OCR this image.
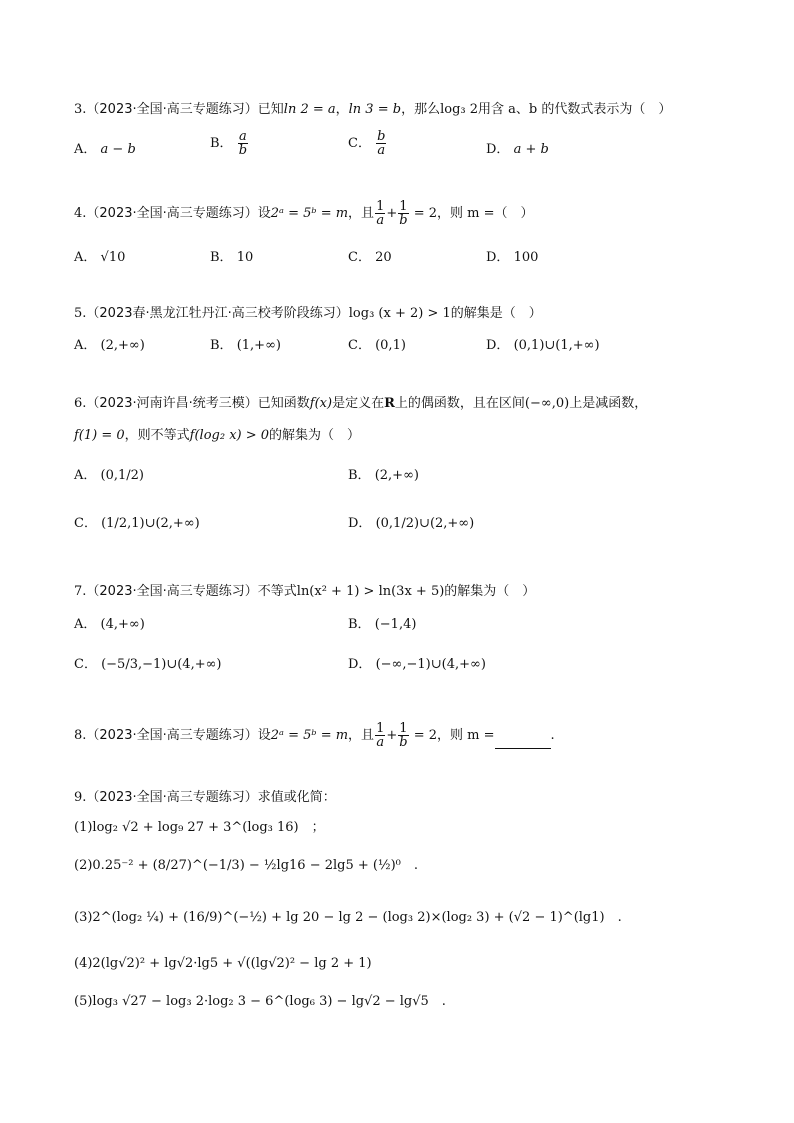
3.（2023·全国·高三专题练习）已知ln 2 = a，ln 3 = b，那么log₃ 2用含 a、b 的代数式表示为（　）
A． a − b	B． $\frac{a}{b}$	C． $\frac{b}{a}$	D． a + b
4.（2023·全国·高三专题练习）设2ᵃ = 5ᵇ = m，且 $\frac{1}{a} + \frac{1}{b} = 2$，则 m =（　）
A． √10	B． 10	C． 20	D． 100
5.（2023春·黑龙江牡丹江·高三校考阶段练习）log₃ (x + 2) > 1的解集是（　）
A． (2,+∞)	B． (1,+∞)	C． (0,1)	D． (0,1)∪(1,+∞)
6.（2023·河南许昌·统考三模）已知函数f(x)是定义在R上的偶函数，且在区间(−∞,0)上是减函数，
f(1) = 0，则不等式f(log₂ x) > 0的解集为（　）
A． (0,1/2)	B． (2,+∞)
C． (1/2,1)∪(2,+∞)	D． (0,1/2)∪(2,+∞)
7.（2023·全国·高三专题练习）不等式ln(x² + 1) > ln(3x + 5)的解集为（　）
A． (4,+∞)	B． (−1,4)
C． (−5/3,−1)∪(4,+∞)	D． (−∞,−1)∪(4,+∞)
8.（2023·全国·高三专题练习）设2ᵃ = 5ᵇ = m，且 $\frac{1}{a} + \frac{1}{b} = 2$，则 m =	.
9.（2023·全国·高三专题练习）求值或化简：
(1)log₂ √2 + log₉ 27 + 3^(log₃ 16)　；
(2)0.25⁻² + (8/27)^(−1/3) − ½lg16 − 2lg5 + (½)⁰　.
(3)2^(log₂ ¼) + (16/9)^(−½) + lg 20 − lg 2 − (log₃ 2)×(log₂ 3) + (√2 − 1)^(lg1)　.
(4)2(lg√2)² + lg√2·lg5 + √((lg√2)² − lg 2 + 1)
(5)log₃ √27 − log₃ 2·log₂ 3 − 6^(log₆ 3) − lg√2 − lg√5　.
